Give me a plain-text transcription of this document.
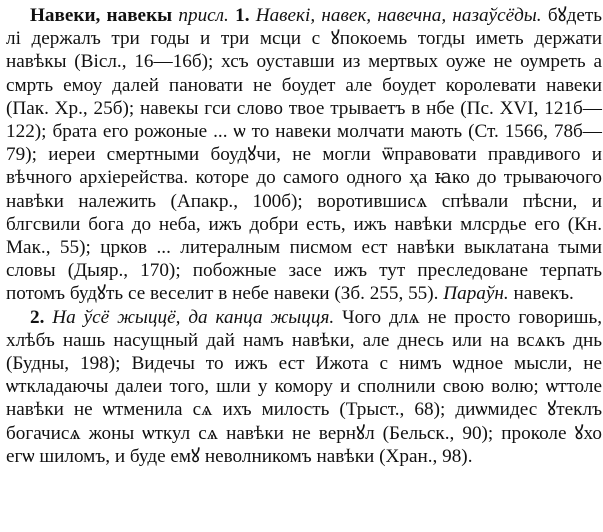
Навеки, навекы присл. 1. Навекі, навек, навечна, назаўсёды. бꙋдеть лі держалъ три годы и три мсци с ꙋпокоемь тогды иметь держати навѣкы (Вісл., 16—16б); хсъ оуставши из мертвых оуже не оумреть а смрть емоу далей пановати не боудет але боудет королевати навеки (Пак. Хр., 25б); навекы гси слово твое трываетъ в нбе (Пс. XVI, 121б—122); брата его рожоные ... ѡ то навеки молчати мають (Ст. 1566, 78б—79); иереи смертными боудꙋчи, не могли ѿправовати правдивого и вѣчного архіерейства. которе до самого одного ҳа ꙗко до трываючого навѣки належить (Апакр., 100б); воротившисѧ спѣвали пѣсни, и блгсвили бога до неба, ижъ добри есть, ижъ навѣки млсрдье его (Кн. Мак., 55); црков ... литералным писмом ест навѣки выклатана тыми словы (Дыяр., 170); побожные засе ижъ тут преследоване терпать потомъ будꙋть се веселит в небе навеки (Зб. 255, 55). Параўн. навекъ.

2. На ўсё жыццё, да канца жыцця. Чого длѧ не просто говоришь, хлѣбъ нашь насущный дай намъ навѣки, але днесь или на всѧкъ днь (Будны, 198); Видечы то ижъ ест Ижота с нимъ ѡдное мысли, не ѡткладаючы далеи того, шли у комору и сполнили свою волю; ѡттоле навѣки не ѡтменила сѧ ихъ милость (Трыст., 68); диѡмидес ꙋтеклъ богачисѧ жоны ѡткул сѧ навѣки не вернꙋл (Бельск., 90); проколе ꙋхо егѡ шиломъ, и буде емꙋ неволникомъ навѣки (Хран., 98).
